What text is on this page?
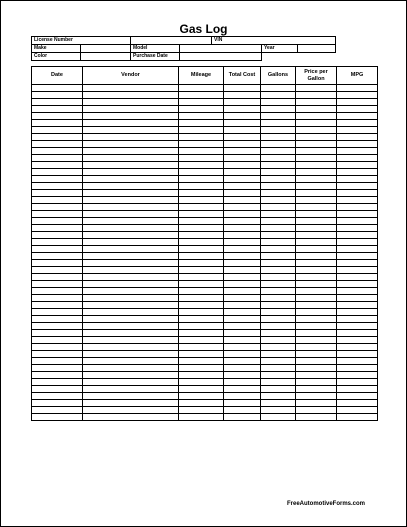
Gas Log
License Number				VIN		
Make		Model			Year	
Color		Purchase Date				
Date	Vendor	Mileage	Total Cost	Gallons	Price per Gallon	MPG

FreeAutomotiveForms.com
